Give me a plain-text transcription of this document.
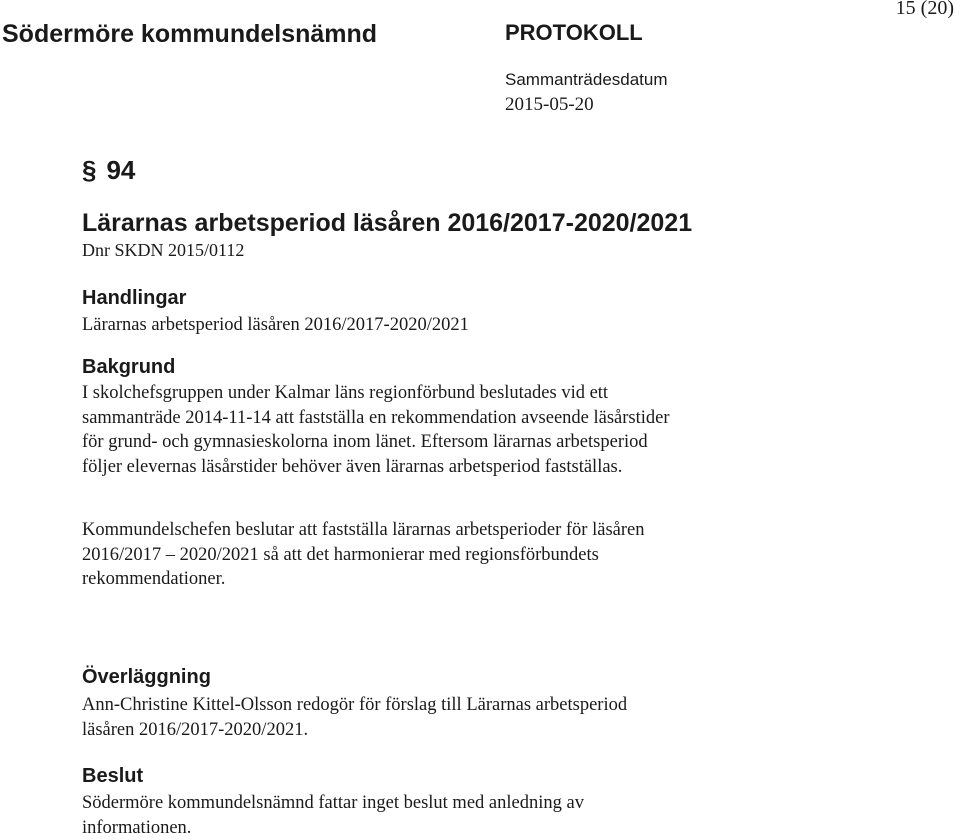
Södermöre kommundelsnämnd	PROTOKOLL
15 (20)
Sammanträdesdatum
2015-05-20
§ 94
Lärarnas arbetsperiod läsåren 2016/2017-2020/2021
Dnr SKDN 2015/0112
Handlingar
Lärarnas arbetsperiod läsåren 2016/2017-2020/2021
Bakgrund
I skolchefsgruppen under Kalmar läns regionförbund beslutades vid ett
sammanträde 2014-11-14 att fastställa en rekommendation avseende läsårstider
för grund- och gymnasieskolorna inom länet. Eftersom lärarnas arbetsperiod
följer elevernas läsårstider behöver även lärarnas arbetsperiod fastställas.
Kommundelschefen beslutar att fastställa lärarnas arbetsperioder för läsåren
2016/2017 – 2020/2021 så att det harmonierar med regionsförbundets
rekommendationer.
Överläggning
Ann-Christine Kittel-Olsson redogör för förslag till Lärarnas arbetsperiod
läsåren 2016/2017-2020/2021.
Beslut
Södermöre kommundelsnämnd fattar inget beslut med anledning av
informationen.
